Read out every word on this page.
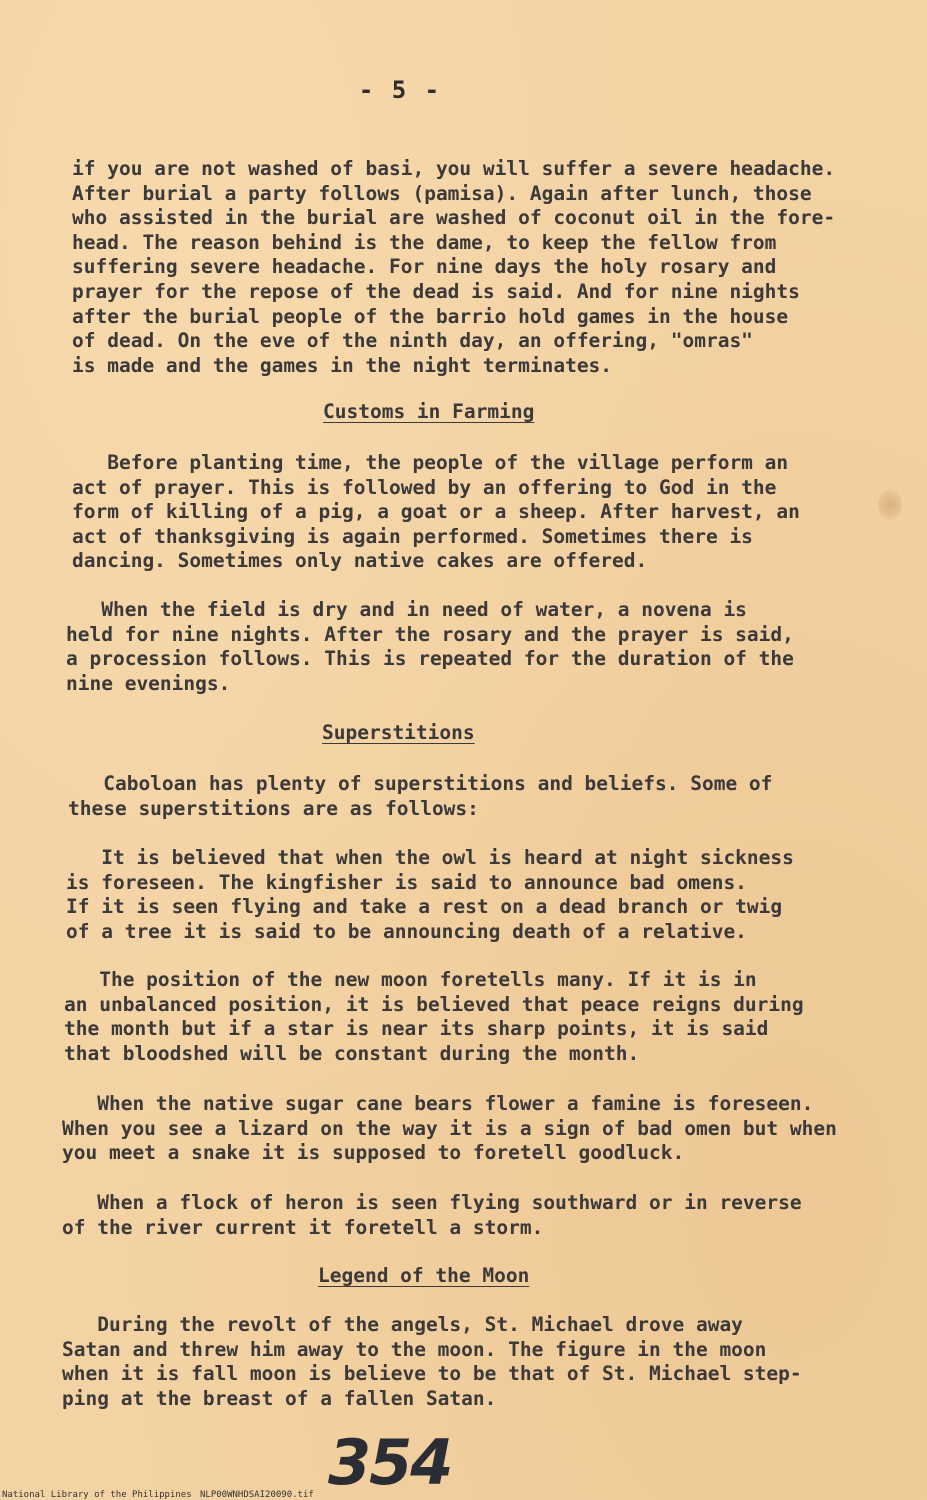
- 5 -
if you are not washed of basi, you will suffer a severe headache.
After burial a party follows (pamisa). Again after lunch, those
who assisted in the burial are washed of coconut oil in the fore-
head. The reason behind is the dame, to keep the fellow from
suffering severe headache. For nine days the holy rosary and
prayer for the repose of the dead is said. And for nine nights
after the burial people of the barrio hold games in the house
of dead. On the eve of the ninth day, an offering, "omras"
is made and the games in the night terminates.
Customs in Farming
Before planting time, the people of the village perform an
act of prayer. This is followed by an offering to God in the
form of killing of a pig, a goat or a sheep. After harvest, an
act of thanksgiving is again performed. Sometimes there is
dancing. Sometimes only native cakes are offered.
When the field is dry and in need of water, a novena is
held for nine nights. After the rosary and the prayer is said,
a procession follows. This is repeated for the duration of the
nine evenings.
Superstitions
Caboloan has plenty of superstitions and beliefs. Some of
these superstitions are as follows:
It is believed that when the owl is heard at night sickness
is foreseen. The kingfisher is said to announce bad omens.
If it is seen flying and take a rest on a dead branch or twig
of a tree it is said to be announcing death of a relative.
The position of the new moon foretells many. If it is in
an unbalanced position, it is believed that peace reigns during
the month but if a star is near its sharp points, it is said
that bloodshed will be constant during the month.
When the native sugar cane bears flower a famine is foreseen.
When you see a lizard on the way it is a sign of bad omen but when
you meet a snake it is supposed to foretell goodluck.
When a flock of heron is seen flying southward or in reverse
of the river current it foretell a storm.
Legend of the Moon
During the revolt of the angels, St. Michael drove away
Satan and threw him away to the moon. The figure in the moon
when it is fall moon is believe to be that of St. Michael step-
ping at the breast of a fallen Satan.
354
National Library of the Philippines NLP00WNHDSAI20090.tif
